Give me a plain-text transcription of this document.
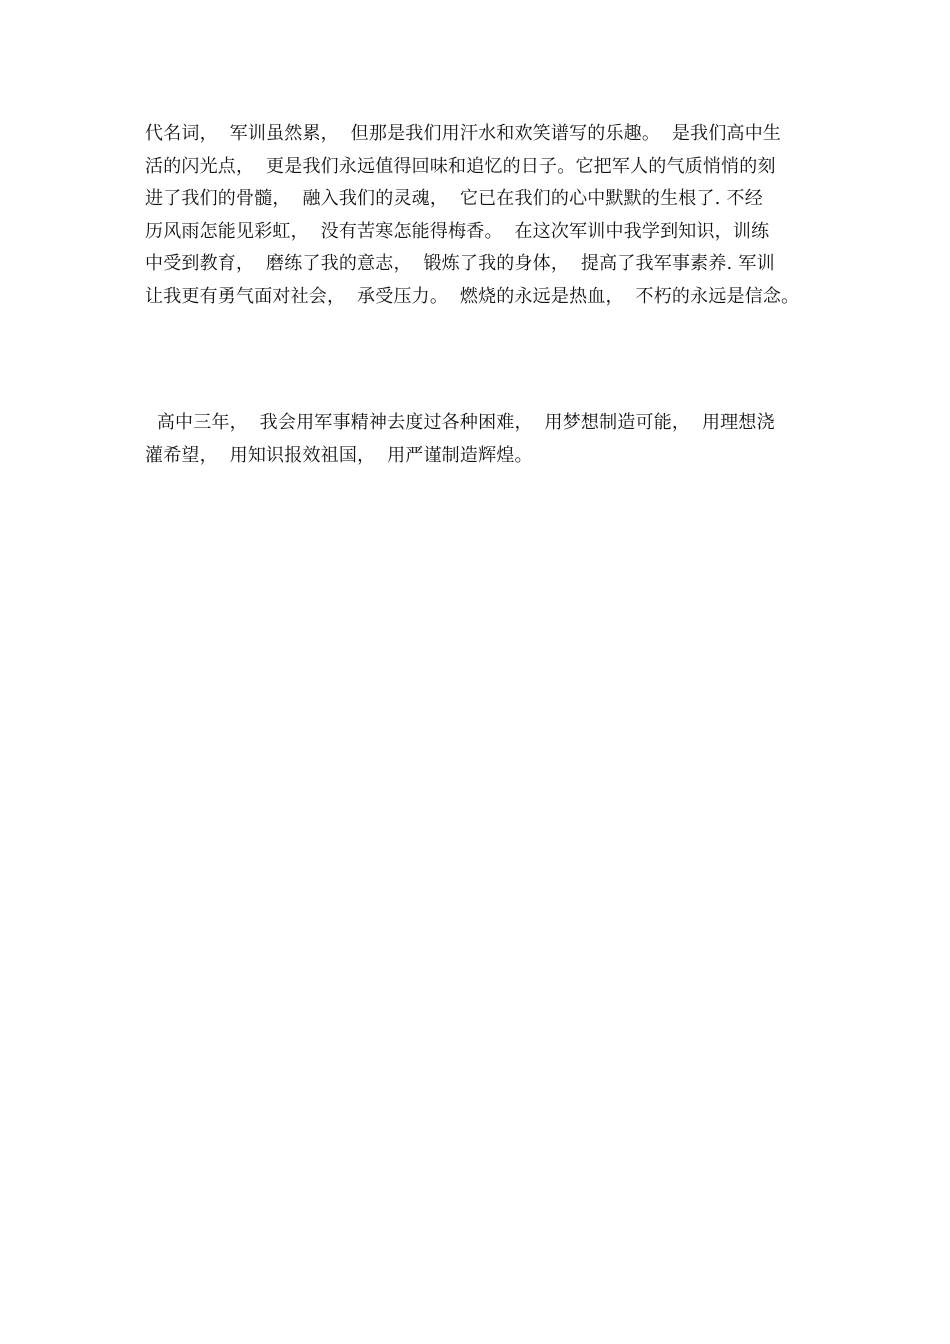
代名词，  军训虽然累，  但那是我们用汗水和欢笑谱写的乐趣。  是我们高中生
活的闪光点，  更是我们永远值得回味和追忆的日子。它把军人的气质悄悄的刻
进了我们的骨髓，  融入我们的灵魂，  它已在我们的心中默默的生根了. 不经
历风雨怎能见彩虹，  没有苦寒怎能得梅香。  在这次军训中我学到知识，训练
中受到教育，  磨练了我的意志，  锻炼了我的身体，  提高了我军事素养. 军训
让我更有勇气面对社会，  承受压力。  燃烧的永远是热血，  不朽的永远是信念。
高中三年，  我会用军事精神去度过各种困难，  用梦想制造可能，  用理想浇
灌希望，  用知识报效祖国，  用严谨制造辉煌。
